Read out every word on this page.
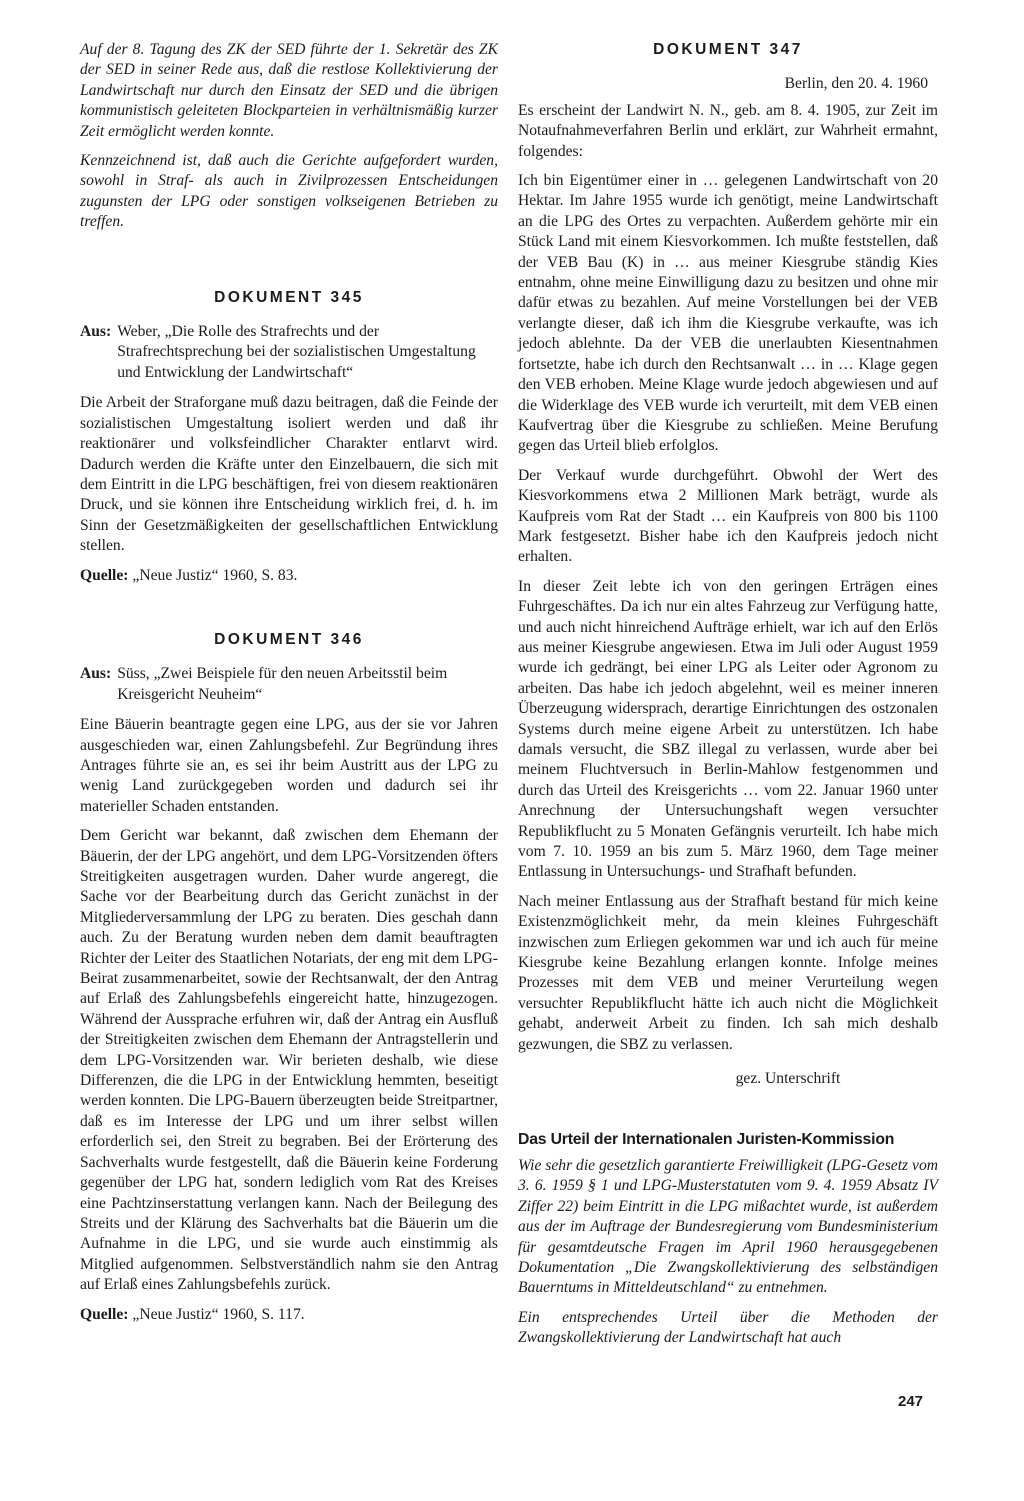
Auf der 8. Tagung des ZK der SED führte der 1. Sekretär des ZK der SED in seiner Rede aus, daß die restlose Kollektivierung der Landwirtschaft nur durch den Einsatz der SED und die übrigen kommunistisch geleiteten Blockparteien in verhältnismäßig kurzer Zeit ermöglicht werden konnte.

Kennzeichnend ist, daß auch die Gerichte aufgefordert wurden, sowohl in Straf- als auch in Zivilprozessen Entscheidungen zugunsten der LPG oder sonstigen volkseigenen Betrieben zu treffen.

DOKUMENT 345
Aus: Weber, „Die Rolle des Strafrechts und der Strafrechtsprechung bei der sozialistischen Umgestaltung und Entwicklung der Landwirtschaft“

Die Arbeit der Straforgane muß dazu beitragen, daß die Feinde der sozialistischen Umgestaltung isoliert werden und daß ihr reaktionärer und volksfeindlicher Charakter entlarvt wird. Dadurch werden die Kräfte unter den Einzelbauern, die sich mit dem Eintritt in die LPG beschäftigen, frei von diesem reaktionären Druck, und sie können ihre Entscheidung wirklich frei, d. h. im Sinn der Gesetzmäßigkeiten der gesellschaftlichen Entwicklung stellen.

Quelle: „Neue Justiz“ 1960, S. 83.

DOKUMENT 346
Aus: Süss, „Zwei Beispiele für den neuen Arbeitsstil beim Kreisgericht Neuheim“

Eine Bäuerin beantragte gegen eine LPG, aus der sie vor Jahren ausgeschieden war, einen Zahlungsbefehl. Zur Begründung ihres Antrages führte sie an, es sei ihr beim Austritt aus der LPG zu wenig Land zurückgegeben worden und dadurch sei ihr materieller Schaden entstanden.

Dem Gericht war bekannt, daß zwischen dem Ehemann der Bäuerin, der der LPG angehört, und dem LPG-Vorsitzenden öfters Streitigkeiten ausgetragen wurden. Daher wurde angeregt, die Sache vor der Bearbeitung durch das Gericht zunächst in der Mitgliederversammlung der LPG zu beraten. Dies geschah dann auch. Zu der Beratung wurden neben dem damit beauftragten Richter der Leiter des Staatlichen Notariats, der eng mit dem LPG-Beirat zusammenarbeitet, sowie der Rechtsanwalt, der den Antrag auf Erlaß des Zahlungsbefehls eingereicht hatte, hinzugezogen. Während der Aussprache erfuhren wir, daß der Antrag ein Ausfluß der Streitigkeiten zwischen dem Ehemann der Antragstellerin und dem LPG-Vorsitzenden war. Wir berieten deshalb, wie diese Differenzen, die die LPG in der Entwicklung hemmten, beseitigt werden konnten. Die LPG-Bauern überzeugten beide Streitpartner, daß es im Interesse der LPG und um ihrer selbst willen erforderlich sei, den Streit zu begraben. Bei der Erörterung des Sachverhalts wurde festgestellt, daß die Bäuerin keine Forderung gegenüber der LPG hat, sondern lediglich vom Rat des Kreises eine Pachtzinserstattung verlangen kann. Nach der Beilegung des Streits und der Klärung des Sachverhalts bat die Bäuerin um die Aufnahme in die LPG, und sie wurde auch einstimmig als Mitglied aufgenommen. Selbstverständlich nahm sie den Antrag auf Erlaß eines Zahlungsbefehls zurück.

Quelle: „Neue Justiz“ 1960, S. 117.

DOKUMENT 347
Berlin, den 20. 4. 1960

Es erscheint der Landwirt N. N., geb. am 8. 4. 1905, zur Zeit im Notaufnahmeverfahren Berlin und erklärt, zur Wahrheit ermahnt, folgendes:

Ich bin Eigentümer einer in … gelegenen Landwirtschaft von 20 Hektar. Im Jahre 1955 wurde ich genötigt, meine Landwirtschaft an die LPG des Ortes zu verpachten. Außerdem gehörte mir ein Stück Land mit einem Kiesvorkommen. Ich mußte feststellen, daß der VEB Bau (K) in … aus meiner Kiesgrube ständig Kies entnahm, ohne meine Einwilligung dazu zu besitzen und ohne mir dafür etwas zu bezahlen. Auf meine Vorstellungen bei der VEB verlangte dieser, daß ich ihm die Kiesgrube verkaufte, was ich jedoch ablehnte. Da der VEB die unerlaubten Kiesentnahmen fortsetzte, habe ich durch den Rechtsanwalt … in … Klage gegen den VEB erhoben. Meine Klage wurde jedoch abgewiesen und auf die Widerklage des VEB wurde ich verurteilt, mit dem VEB einen Kaufvertrag über die Kiesgrube zu schließen. Meine Berufung gegen das Urteil blieb erfolglos.

Der Verkauf wurde durchgeführt. Obwohl der Wert des Kiesvorkommens etwa 2 Millionen Mark beträgt, wurde als Kaufpreis vom Rat der Stadt … ein Kaufpreis von 800 bis 1100 Mark festgesetzt. Bisher habe ich den Kaufpreis jedoch nicht erhalten.

In dieser Zeit lebte ich von den geringen Erträgen eines Fuhrgeschäftes. Da ich nur ein altes Fahrzeug zur Verfügung hatte, und auch nicht hinreichend Aufträge erhielt, war ich auf den Erlös aus meiner Kiesgrube angewiesen. Etwa im Juli oder August 1959 wurde ich gedrängt, bei einer LPG als Leiter oder Agronom zu arbeiten. Das habe ich jedoch abgelehnt, weil es meiner inneren Überzeugung widersprach, derartige Einrichtungen des ostzonalen Systems durch meine eigene Arbeit zu unterstützen. Ich habe damals versucht, die SBZ illegal zu verlassen, wurde aber bei meinem Fluchtversuch in Berlin-Mahlow festgenommen und durch das Urteil des Kreisgerichts … vom 22. Januar 1960 unter Anrechnung der Untersuchungshaft wegen versuchter Republikflucht zu 5 Monaten Gefängnis verurteilt. Ich habe mich vom 7. 10. 1959 an bis zum 5. März 1960, dem Tage meiner Entlassung in Untersuchungs- und Strafhaft befunden.

Nach meiner Entlassung aus der Strafhaft bestand für mich keine Existenzmöglichkeit mehr, da mein kleines Fuhrgeschäft inzwischen zum Erliegen gekommen war und ich auch für meine Kiesgrube keine Bezahlung erlangen konnte. Infolge meines Prozesses mit dem VEB und meiner Verurteilung wegen versuchter Republikflucht hätte ich auch nicht die Möglichkeit gehabt, anderweit Arbeit zu finden. Ich sah mich deshalb gezwungen, die SBZ zu verlassen.

gez. Unterschrift
Das Urteil der Internationalen Juristen-Kommission

Wie sehr die gesetzlich garantierte Freiwilligkeit (LPG-Gesetz vom 3. 6. 1959 § 1 und LPG-Musterstatuten vom 9. 4. 1959 Absatz IV Ziffer 22) beim Eintritt in die LPG mißachtet wurde, ist außerdem aus der im Auftrage der Bundesregierung vom Bundesministerium für gesamtdeutsche Fragen im April 1960 herausgegebenen Dokumentation „Die Zwangskollektivierung des selbständigen Bauerntums in Mitteldeutschland“ zu entnehmen.

Ein entsprechendes Urteil über die Methoden der Zwangskollektivierung der Landwirtschaft hat auch

247
